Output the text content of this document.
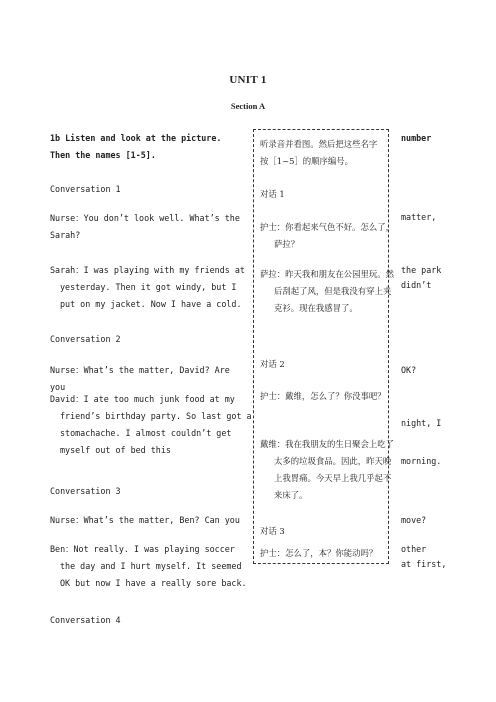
UNIT 1
Section A
1b Listen and look at the picture. Then the names [1-5].
Conversation 1
Nurse：You don’t look well. What’s the Sarah?
Sarah：I was playing with my friends at yesterday. Then it got windy, but I put on my jacket. Now I have a cold.
Conversation 2
Nurse：What’s the matter, David? Are you
David：I ate too much junk food at my friend’s birthday party. So last got a stomachache. I almost couldn’t get myself out of bed this
Conversation 3
Nurse：What’s the matter, Ben? Can you
Ben：Not really. I was playing soccer the day and I hurt myself. It seemed OK but now I have a really sore back.
Conversation 4
听录音并看图。然后把这些名字按［1~5］的顺序编号。
对话 1
护士：你看起来气色不好。怎么了，萨拉？
萨拉：昨天我和朋友在公园里玩。然后刮起了风，但是我没有穿上夹克衫。现在我感冒了。
对话 2
护士：戴维，怎么了？你没事吧？
戴维：我在我朋友的生日聚会上吃了太多的垃圾食品。因此，昨天晚上我胃痛。今天早上我几乎起不来床了。
对话 3
护士：怎么了，本？你能动吗？
number
matter,
the park
didn’t
OK?
night, I
morning.
move?
other
at first,
